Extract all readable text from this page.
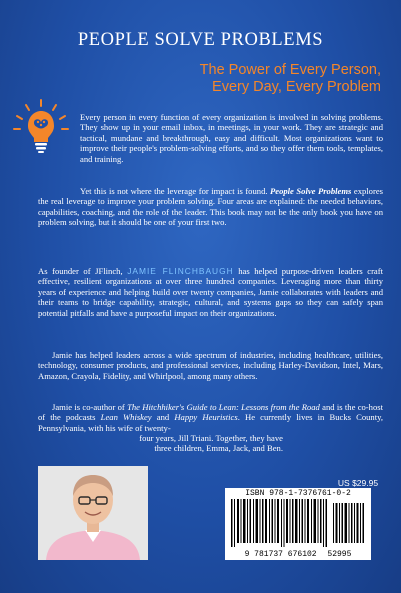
PEOPLE SOLVE PROBLEMS
The Power of Every Person,
Every Day, Every Problem

Every person in every function of every organization is involved in solving problems. They show up in your email inbox, in meetings, in your work. They are strategic and tactical, mundane and breakthrough, easy and difficult. Most organizations want to improve their people's problem-solving efforts, and so they offer them tools, templates, and training.

Yet this is not where the leverage for impact is found. People Solve Problems explores the real leverage to improve your problem solving. Four areas are explained: the needed behaviors, capabilities, coaching, and the role of the leader. This book may not be the only book you have on problem solving, but it should be one of your first two.

As founder of JFlinch, JAMIE FLINCHBAUGH has helped purpose-driven leaders craft effective, resilient organizations at over three hundred companies. Leveraging more than thirty years of experience and helping build over twenty companies, Jamie collaborates with leaders and their teams to bridge capability, strategic, cultural, and systems gaps so they can safely span potential pitfalls and have a purposeful impact on their organizations.

Jamie has helped leaders across a wide spectrum of industries, including healthcare, utilities, technology, consumer products, and professional services, including Harley-Davidson, Intel, Mars, Amazon, Crayola, Fidelity, and Whirlpool, among many others.

Jamie is co-author of The Hitchhiker's Guide to Lean: Lessons from the Road and is the co-host of the podcasts Lean Whiskey and Happy Heuristics. He currently lives in Bucks County, Pennsylvania, with his wife of twenty-

four years, Jill Triani. Together, they have three children, Emma, Jack, and Ben.

US $29.95
ISBN 978-1-7376761-0-2
9 781737 676102 52995
